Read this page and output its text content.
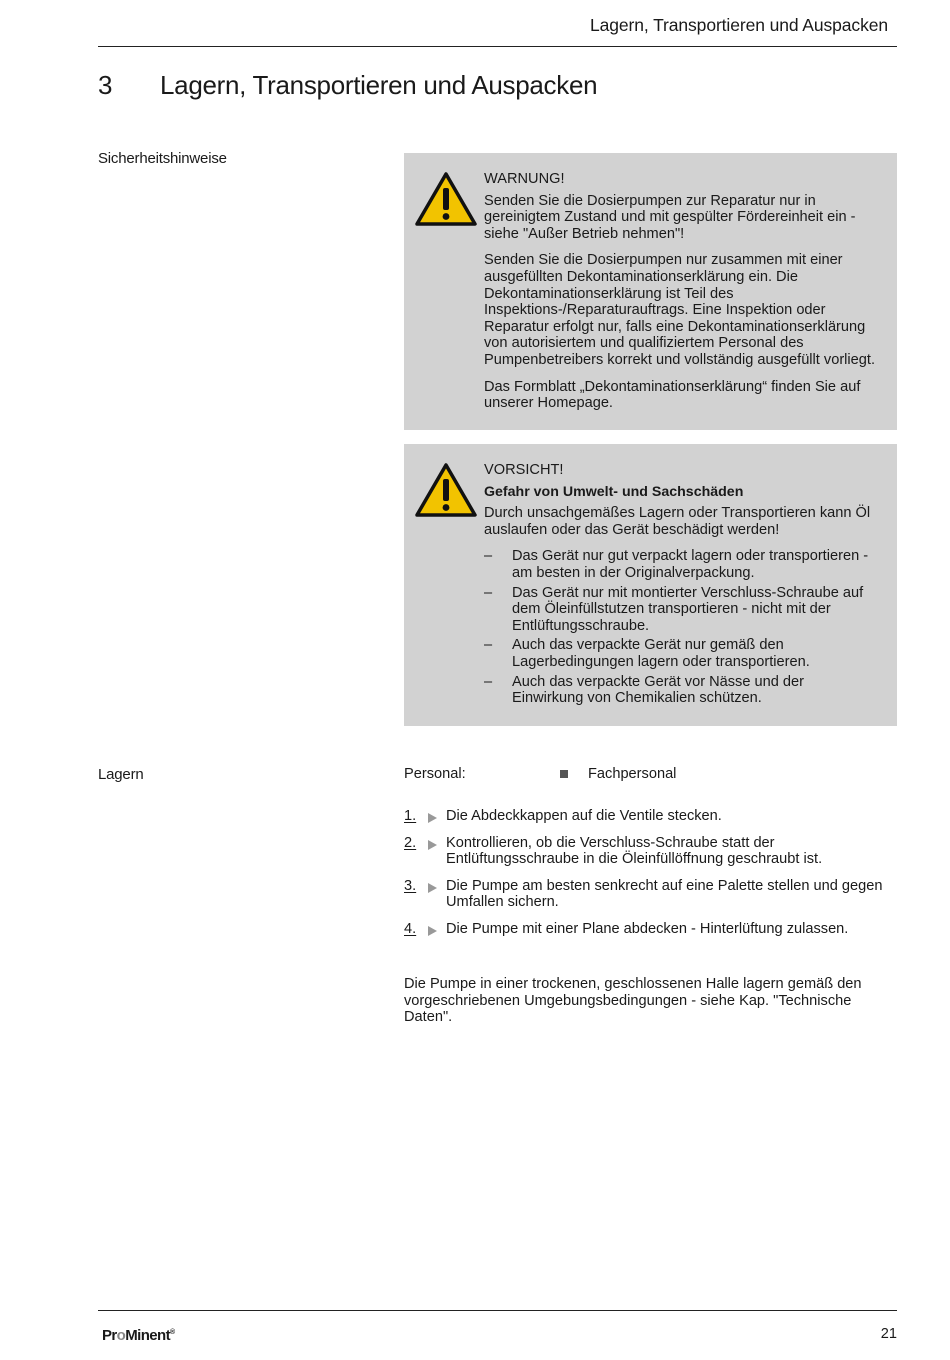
Lagern, Transportieren und Auspacken
3 Lagern, Transportieren und Auspacken
Sicherheitshinweise
WARNUNG!

Senden Sie die Dosierpumpen zur Reparatur nur in gereinigtem Zustand und mit gespülter Fördereinheit ein - siehe "Außer Betrieb nehmen"!

Senden Sie die Dosierpumpen nur zusammen mit einer ausgefüllten Dekontaminationserklärung ein. Die Dekontaminationserklärung ist Teil des Inspektions-/Reparaturauftrags. Eine Inspektion oder Reparatur erfolgt nur, falls eine Dekontaminationserklärung von autorisiertem und qualifiziertem Personal des Pumpenbetreibers korrekt und vollständig ausgefüllt vorliegt.

Das Formblatt „Dekontaminationserklärung“ finden Sie auf unserer Homepage.

VORSICHT!
Gefahr von Umwelt- und Sachschäden

Durch unsachgemäßes Lagern oder Transportieren kann Öl auslaufen oder das Gerät beschädigt werden!

– Das Gerät nur gut verpackt lagern oder transportieren - am besten in der Originalverpackung.
– Das Gerät nur mit montierter Verschluss-Schraube auf dem Öleinfüllstutzen transportieren - nicht mit der Entlüftungsschraube.
– Auch das verpackte Gerät nur gemäß den Lagerbedingungen lagern oder transportieren.
– Auch das verpackte Gerät vor Nässe und der Einwirkung von Chemikalien schützen.
Lagern	Personal:	Fachpersonal
1. Die Abdeckkappen auf die Ventile stecken.
2. Kontrollieren, ob die Verschluss-Schraube statt der Entlüftungsschraube in die Öleinfüllöffnung geschraubt ist.
3. Die Pumpe am besten senkrecht auf eine Palette stellen und gegen Umfallen sichern.
4. Die Pumpe mit einer Plane abdecken - Hinterlüftung zulassen.
Die Pumpe in einer trockenen, geschlossenen Halle lagern gemäß den vorgeschriebenen Umgebungsbedingungen - siehe Kap. "Technische Daten".
ProMinent®	21
